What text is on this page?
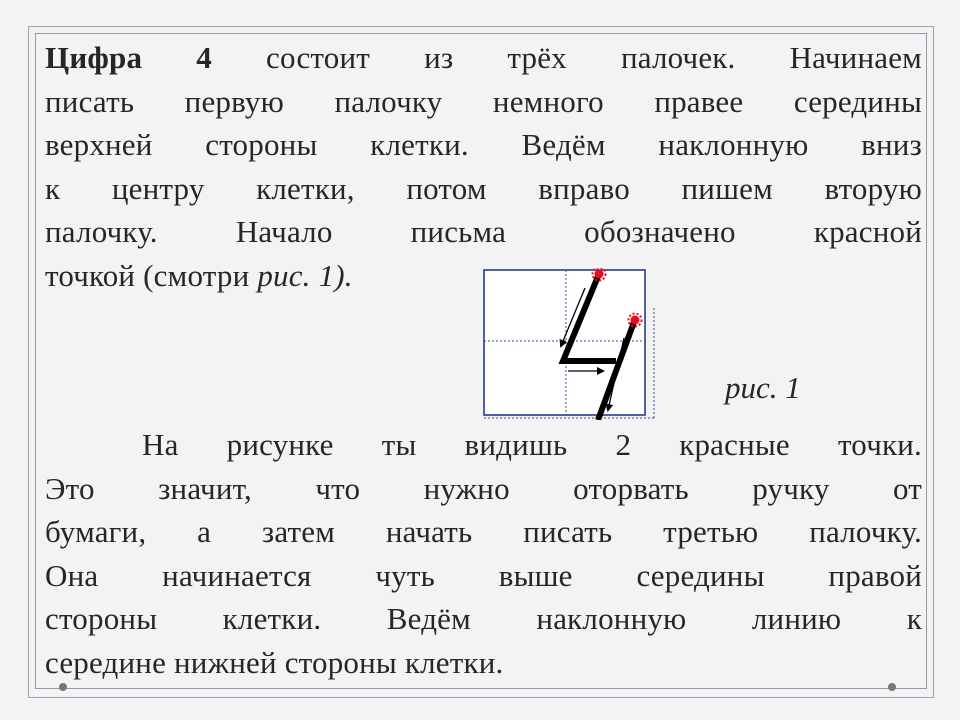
Цифра 4 состоит из трёх палочек. Начинаем
писать первую палочку немного правее середины
верхней стороны клетки. Ведём наклонную вниз
к центру клетки, потом вправо пишем вторую
палочку. Начало письма обозначено красной
точкой (смотри рис. 1).
рис. 1
На рисунке ты видишь 2 красные точки.
Это значит, что нужно оторвать ручку от
бумаги, а затем начать писать третью палочку.
Она начинается чуть выше середины правой
стороны клетки. Ведём наклонную линию к
середине нижней стороны клетки.
